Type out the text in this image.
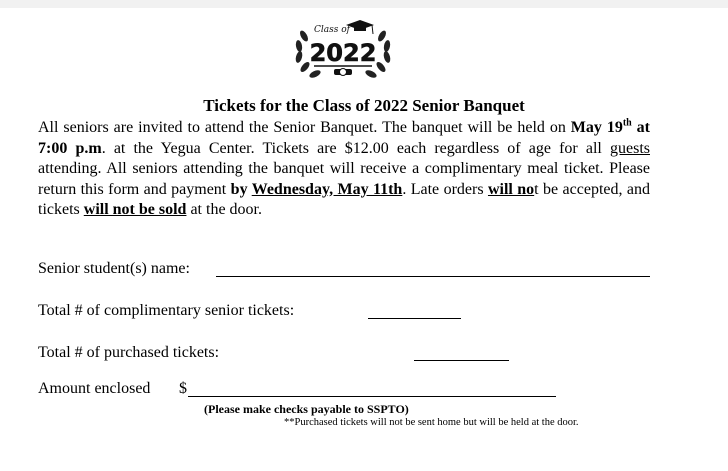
Class of
2022
Tickets for the Class of 2022 Senior Banquet
All seniors are invited to attend the Senior Banquet. The banquet will be held on May 19th at 7:00 p.m. at the Yegua Center. Tickets are $12.00 each regardless of age for all guests attending. All seniors attending the banquet will receive a complimentary meal ticket. Please return this form and payment by Wednesday, May 11th. Late orders will not be accepted, and tickets will not be sold at the door.
Senior student(s) name:
Total # of complimentary senior tickets:
Total # of purchased tickets:
Amount enclosed $
(Please make checks payable to SSPTO)
**Purchased tickets will not be sent home but will be held at the door.
